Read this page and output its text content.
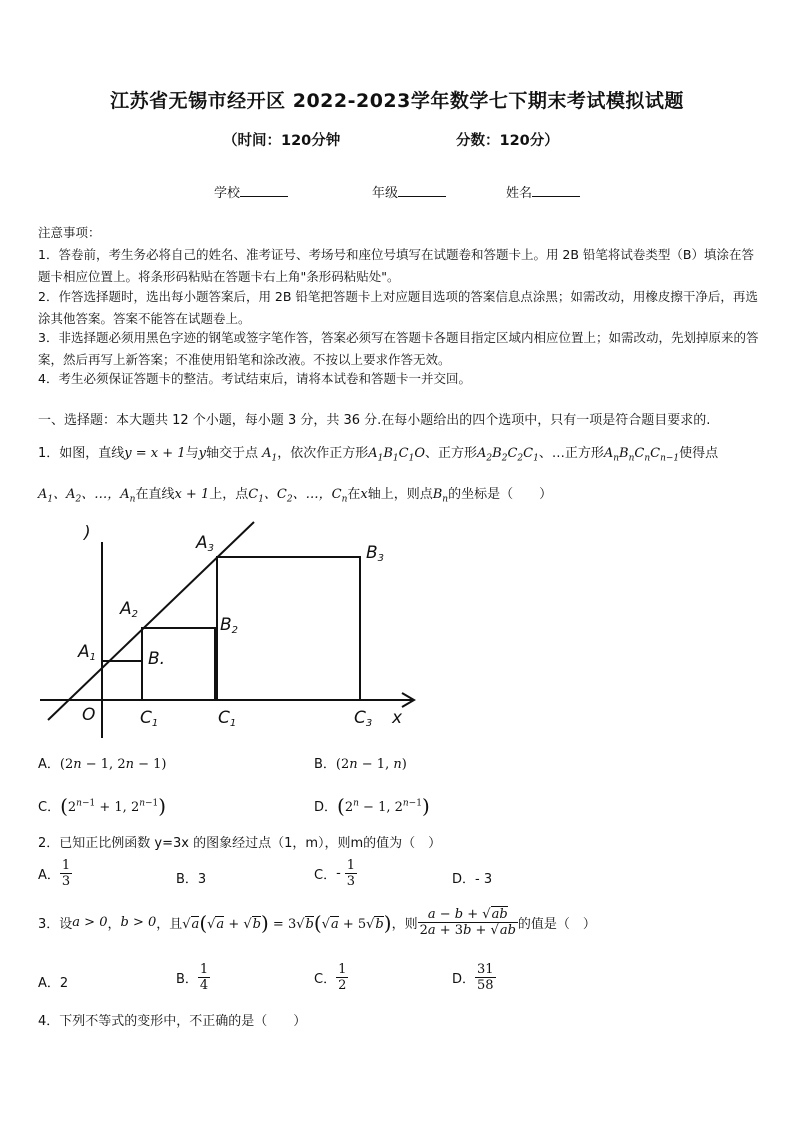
江苏省无锡市经开区 2022-2023学年数学七下期末考试模拟试题
（时间：120分钟	分数：120分）
学校	年级	姓名
注意事项：
1．答卷前，考生务必将自己的姓名、准考证号、考场号和座位号填写在试题卷和答题卡上。用 2B 铅笔将试卷类型（B）填涂在答题卡相应位置上。将条形码粘贴在答题卡右上角"条形码粘贴处"。
2．作答选择题时，选出每小题答案后，用 2B 铅笔把答题卡上对应题目选项的答案信息点涂黑；如需改动，用橡皮擦干净后，再选涂其他答案。答案不能答在试题卷上。
3．非选择题必须用黑色字迹的钢笔或签字笔作答，答案必须写在答题卡各题目指定区域内相应位置上；如需改动，先划掉原来的答案，然后再写上新答案；不准使用铅笔和涂改液。不按以上要求作答无效。
4．考生必须保证答题卡的整洁。考试结束后，请将本试卷和答题卡一并交回。
一、选择题：本大题共 12 个小题，每小题 3 分，共 36 分.在每小题给出的四个选项中，只有一项是符合题目要求的.
1．如图，直线y = x + 1与y轴交于点 $A_1$，依次作正方形$A_1B_1C_1O$、正方形$A_2B_2C_2C_1$、…正方形$A_nB_nC_nC_{n-1}$使得点
$A_1$、$A_2$、…，$A_n$在直线x + 1上，点$C_1$、$C_2$、…，$C_n$在x轴上，则点$B_n$的坐标是（　　）
)
A1
A2
A3
B.
B2
B3
O	C1	C1	C3 x
A．(2n − 1, 2n − 1)	B．(2n − 1, n)
C．($2^{n-1} + 1$, $2^{n-1}$)	D．($2^n - 1$, $2^{n-1}$)
2．已知正比例函数 y=3x 的图象经过点（1，m），则m的值为（　）
A． $\frac{1}{3}$	B．3	C．- $\frac{1}{3}$	D．- 3
3．设a > 0，b > 0，且√a(√a + √b) = 3√b(√a + 5√b)，则 $\frac{a - b + √ab}{2a + 3b + √ab}$ 的值是（　）
A．2	B． $\frac{1}{4}$	C． $\frac{1}{2}$	D． $\frac{31}{58}$
4．下列不等式的变形中，不正确的是（　　）
